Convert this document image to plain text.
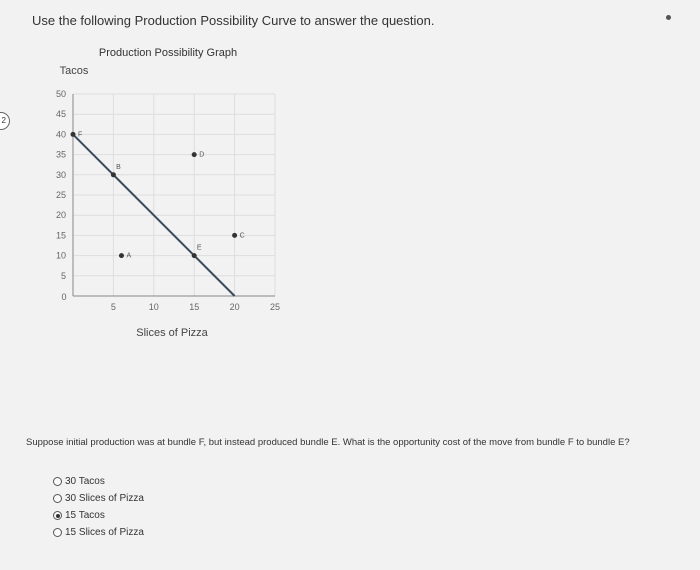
Use the following Production Possibility Curve to answer the question.
2
Production Possibility Graph
Tacos
Slices of Pizza
5
10
15
20
25
30
35
40
45
50
0
5	10	15	20	25
F
B
E
D
C
A
Suppose initial production was at bundle F, but instead produced bundle E. What is the opportunity cost of the move from bundle F to bundle E?
30 Tacos
30 Slices of Pizza
15 Tacos
15 Slices of Pizza
